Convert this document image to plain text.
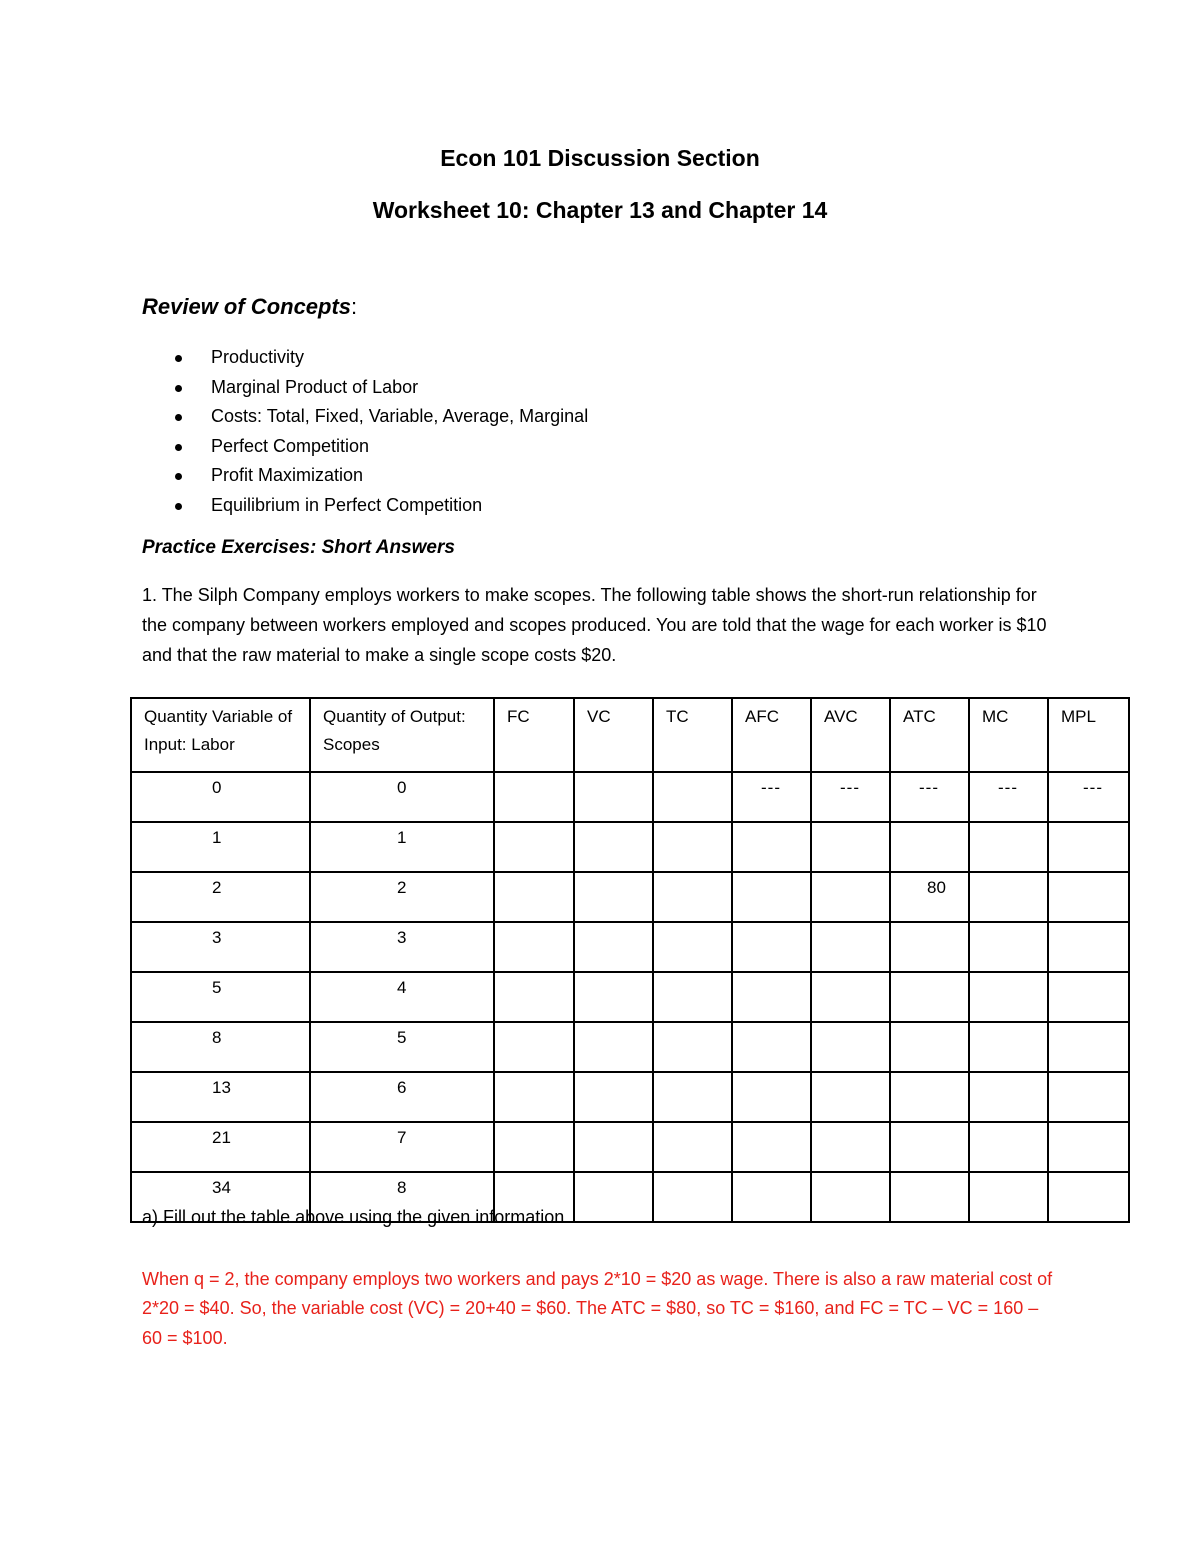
Econ 101 Discussion Section
Worksheet 10: Chapter 13 and Chapter 14
Review of Concepts:
Productivity
Marginal Product of Labor
Costs: Total, Fixed, Variable, Average, Marginal
Perfect Competition
Profit Maximization
Equilibrium in Perfect Competition
Practice Exercises: Short Answers

1. The Silph Company employs workers to make scopes. The following table shows the short-run relationship for the company between workers employed and scopes produced. You are told that the wage for each worker is $10 and that the raw material to make a single scope costs $20.

Quantity Variable of Input: Labor	Quantity of Output: Scopes	FC	VC	TC	AFC	AVC	ATC	MC	MPL
0	0				---	---	---	---	---
1	1								
2	2						80		
3	3								
5	4								
8	5								
13	6								
21	7								
34	8								

a) Fill out the table above using the given information.

When q = 2, the company employs two workers and pays 2*10 = $20 as wage. There is also a raw material cost of 2*20 = $40. So, the variable cost (VC) = 20+40 = $60. The ATC = $80, so TC = $160, and FC = TC – VC = 160 – 60 = $100.
